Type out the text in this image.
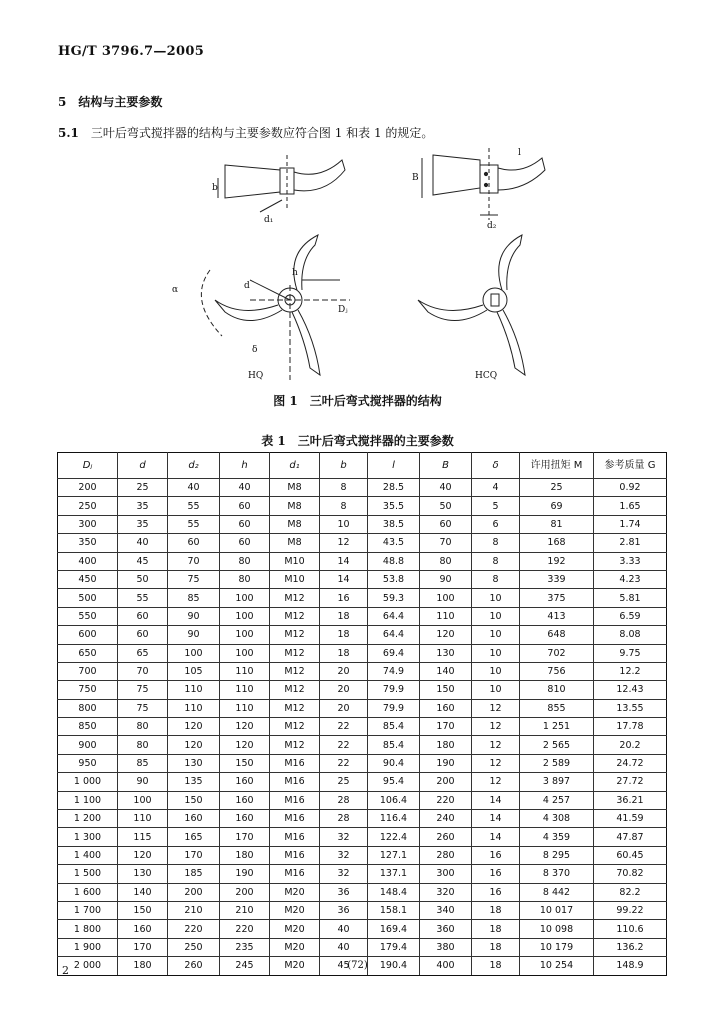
HG/T 3796.7—2005
5　结构与主要参数
5.1 三叶后弯式搅拌器的结构与主要参数应符合图 1 和表 1 的规定。
b
d₁
B
d₂
l
α	d
h
Dⱼ
δ
HQ	HCQ
图 1　三叶后弯式搅拌器的结构
表 1　三叶后弯式搅拌器的主要参数
Dⱼ	d	d₂	h	d₁	b	l	B	δ	许用扭矩 M	参考质量 G
200	25	40	40	M8	8	28.5	40	4	25	0.92
250	35	55	60	M8	8	35.5	50	5	69	1.65
300	35	55	60	M8	10	38.5	60	6	81	1.74
350	40	60	60	M8	12	43.5	70	8	168	2.81
400	45	70	80	M10	14	48.8	80	8	192	3.33
450	50	75	80	M10	14	53.8	90	8	339	4.23
500	55	85	100	M12	16	59.3	100	10	375	5.81
550	60	90	100	M12	18	64.4	110	10	413	6.59
600	60	90	100	M12	18	64.4	120	10	648	8.08
650	65	100	100	M12	18	69.4	130	10	702	9.75
700	70	105	110	M12	20	74.9	140	10	756	12.2
750	75	110	110	M12	20	79.9	150	10	810	12.43
800	75	110	110	M12	20	79.9	160	12	855	13.55
850	80	120	120	M12	22	85.4	170	12	1 251	17.78
900	80	120	120	M12	22	85.4	180	12	2 565	20.2
950	85	130	150	M16	22	90.4	190	12	2 589	24.72
1 000	90	135	160	M16	25	95.4	200	12	3 897	27.72
1 100	100	150	160	M16	28	106.4	220	14	4 257	36.21
1 200	110	160	160	M16	28	116.4	240	14	4 308	41.59
1 300	115	165	170	M16	32	122.4	260	14	4 359	47.87
1 400	120	170	180	M16	32	127.1	280	16	8 295	60.45
1 500	130	185	190	M16	32	137.1	300	16	8 370	70.82
1 600	140	200	200	M20	36	148.4	320	16	8 442	82.2
1 700	150	210	210	M20	36	158.1	340	18	10 017	99.22
1 800	160	220	220	M20	40	169.4	360	18	10 098	110.6
1 900	170	250	235	M20	40	179.4	380	18	10 179	136.2
2 000	180	260	245	M20	45	190.4	400	18	10 254	148.9
2	(72)
